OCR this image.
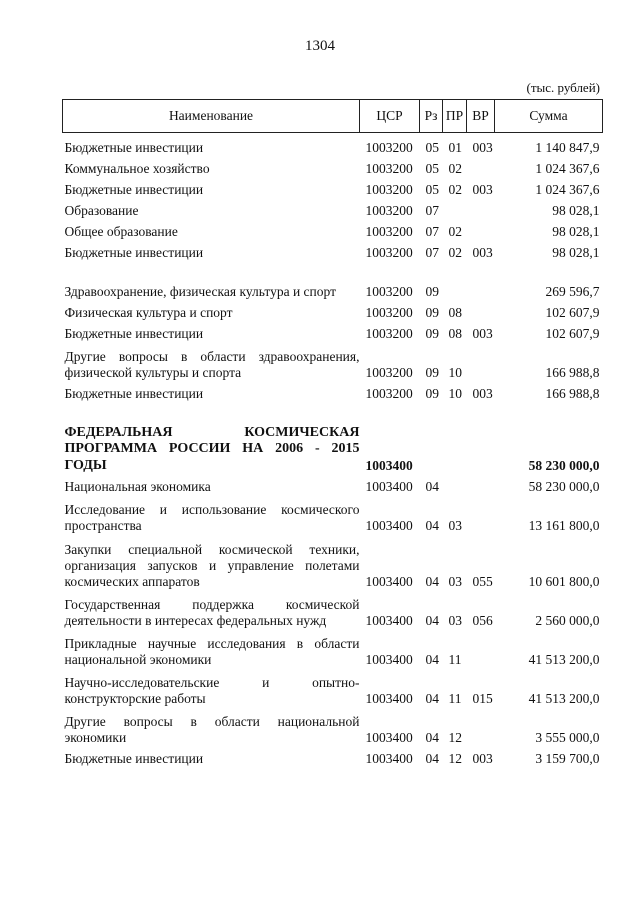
1304
(тыс. рублей)
Наименование	ЦСР	Рз	ПР	ВР	Сумма
Бюджетные инвестиции	1003200	05	01	003	1 140 847,9
Коммунальное хозяйство	1003200	05	02		1 024 367,6
Бюджетные инвестиции	1003200	05	02	003	1 024 367,6
Образование	1003200	07			98 028,1
Общее образование	1003200	07	02		98 028,1
Бюджетные инвестиции	1003200	07	02	003	98 028,1
Здравоохранение, физическая культура и спорт	1003200	09			269 596,7
Физическая культура и спорт	1003200	09	08		102 607,9
Бюджетные инвестиции	1003200	09	08	003	102 607,9
Другие вопросы в области здравоохранения, физической культуры и спорта	1003200	09	10		166 988,8
Бюджетные инвестиции	1003200	09	10	003	166 988,8

ФЕДЕРАЛЬНАЯ КОСМИЧЕСКАЯ ПРОГРАММА РОССИИ НА 2006 - 2015 ГОДЫ	1003400				58 230 000,0
Национальная экономика	1003400	04			58 230 000,0
Исследование и использование космического пространства	1003400	04	03		13 161 800,0
Закупки специальной космической техники, организация запусков и управление полетами космических аппаратов	1003400	04	03	055	10 601 800,0
Государственная поддержка космической деятельности в интересах федеральных нужд	1003400	04	03	056	2 560 000,0
Прикладные научные исследования в области национальной экономики	1003400	04	11		41 513 200,0
Научно-исследовательские и опытно-конструкторские работы	1003400	04	11	015	41 513 200,0
Другие вопросы в области национальной экономики	1003400	04	12		3 555 000,0
Бюджетные инвестиции	1003400	04	12	003	3 159 700,0
